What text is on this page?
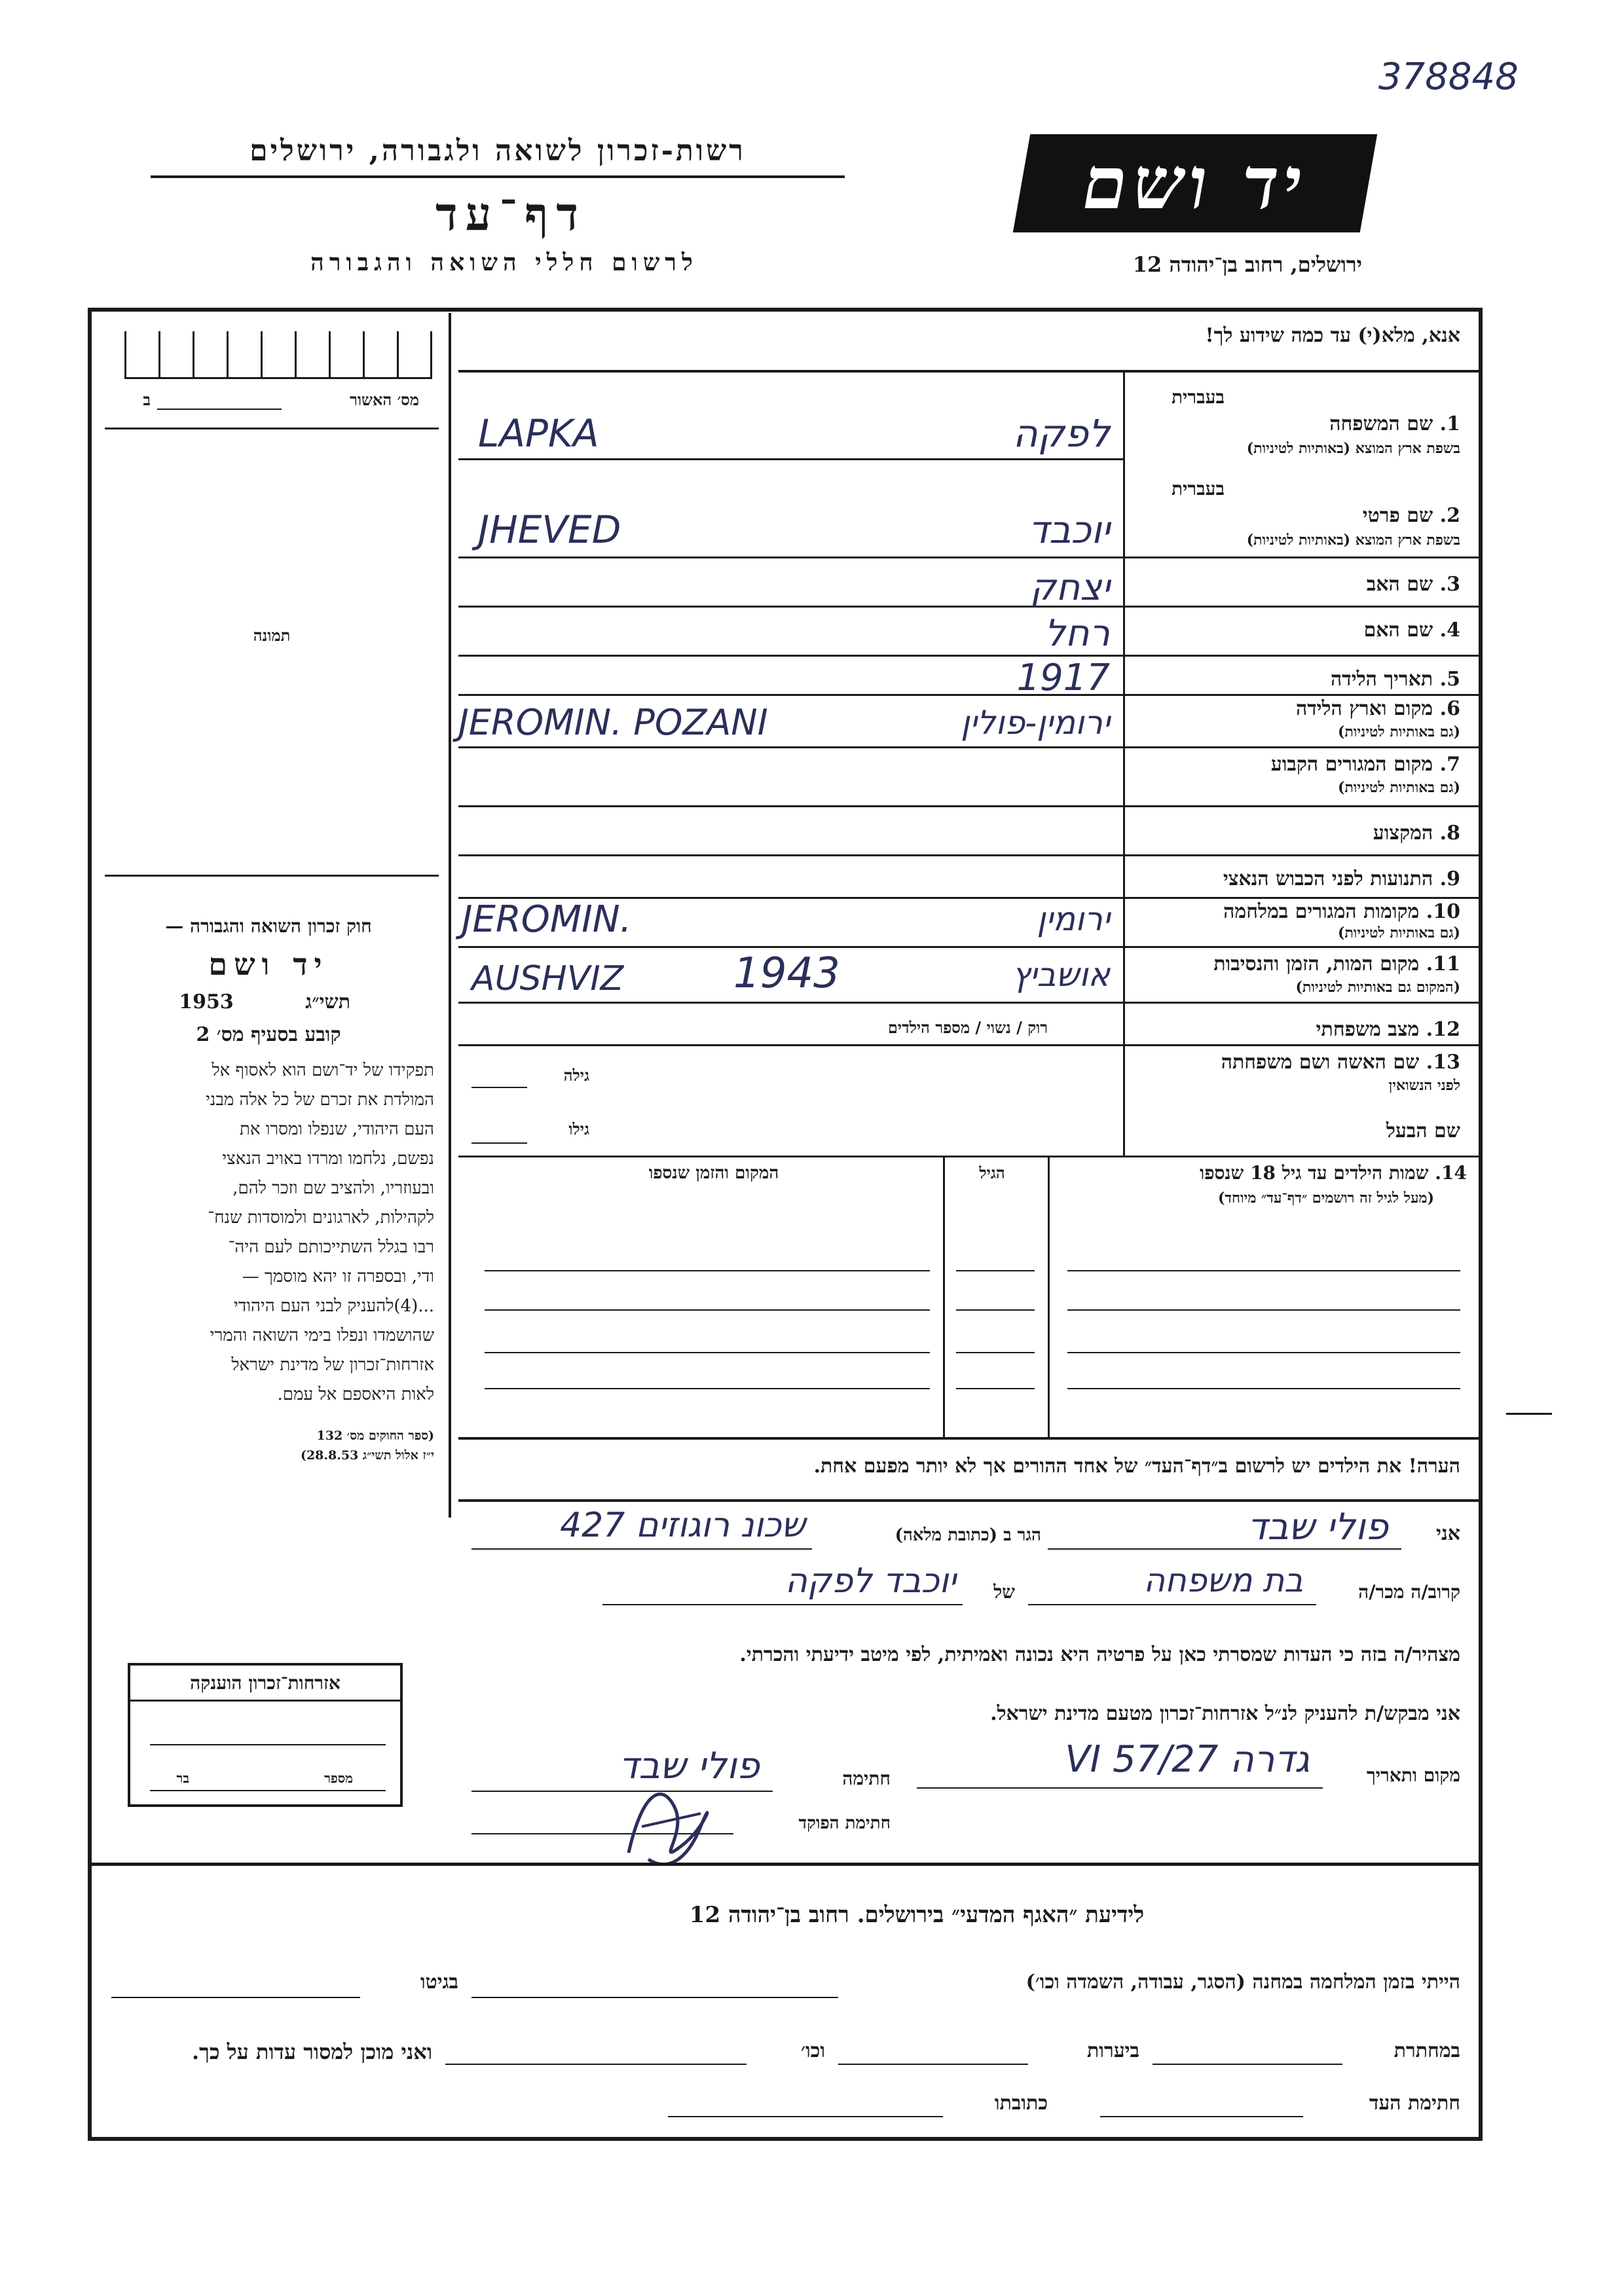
378848
רשות-זכרון לשואה ולגבורה, ירושלים
דף־עד
לרשום חללי השואה והגבורה
יד ושם
ירושלים, רחוב בן־יהודה 12
מס׳ האשור
ב
תמונה
חוק זכרון השואה והגבורה —
יד ושם
תשי״ג
1953
קובע בסעיף מס׳ 2
תפקידו של יד־ושם הוא לאסוף אל
המולדת את זכרם של כל אלה מבני
העם היהודי, שנפלו ומסרו את
נפשם, נלחמו ומרדו באויב הנאצי
ובעוזריו, ולהציב שם וזכר להם,
לקהילות, לארגונים ולמוסדות שנח־
רבו בגלל השתייכותם לעם היה־
ודי, ובספרה זו יהא מוסמך —
...(4)להעניק לבני העם היהודי
שהושמדו ונפלו בימי השואה והמרי
אזרחות־זכרון של מדינת ישראל
לאות היאספם אל עמם.
(ספר החוקים מס׳ 132
י״ז אלול תשי״ג 28.8.53)
אזרחות־זכרון הוענקה
מספר
בר
אנא, מלא(י) עד כמה שידוע לך!
בעברית
בעברית
1. שם המשפחה
בשפת ארץ המוצא (באותיות לטיניות)
LAPKA	לפקה
2. שם פרטי
בשפת ארץ המוצא (באותיות לטיניות)
JHEVED	יוכבד
3. שם האב
יצחק
4. שם האם
רחל
5. תאריך הלידה
1917
6. מקום וארץ הלידה
(גם באותיות לטיניות)
JEROMIN. POZANI	ירומין-פולין
7. מקום המגורים הקבוע
(גם באותיות לטיניות)
8. המקצוע
9. התנועות לפני הכבוש הנאצי
10. מקומות המגורים במלחמה
(גם באותיות לטיניות)
JEROMIN.	ירומין
11. מקום המות, הזמן והנסיבות
(המקום גם באותיות לטיניות)
AUSHVIZ	1943	אושביץ
12. מצב משפחתי
רוק / נשוי / מספר הילדים
13. שם האשה ושם משפחתה
לפני הנשואין
גילה
שם הבעל
גילו
14. שמות הילדים עד גיל 18 שנספו
(מעל לגיל זה רושמים ״דף־עד״ מיוחד)
הגיל
המקום והזמן שנספו
הערה! את הילדים יש לרשום ב״דף־העד״ של אחד ההורים אך לא יותר מפעם אחת.
אני
פולי שבד
הגר ב (כתובת מלאה)
שכונ רוגוזים 427
קרוב/ה מכר/ה
בת משפחה
של
יוכבד לפקה
מצהיר/ה בזה כי העדות שמסרתי כאן על פרטיה היא נכונה ואמיתית, לפי מיטב ידיעתי והכרתי.
אני מבקש/ת להעניק לנ״ל אזרחות־זכרון מטעם מדינת ישראל.
מקום ותאריך
גדרה 27/VI 57
חתימה
פולי שבד
חתימת הפוקד
לידיעת ״האגף המדעי״ בירושלים. רחוב בן־יהודה 12
הייתי בזמן המלחמה במחנה (הסגר, עבודה, השמדה וכו׳)
בגיטו
במחתרת
ביערות
וכו׳
ואני מוכן למסור עדות על כך.
חתימת העד
כתובתו
